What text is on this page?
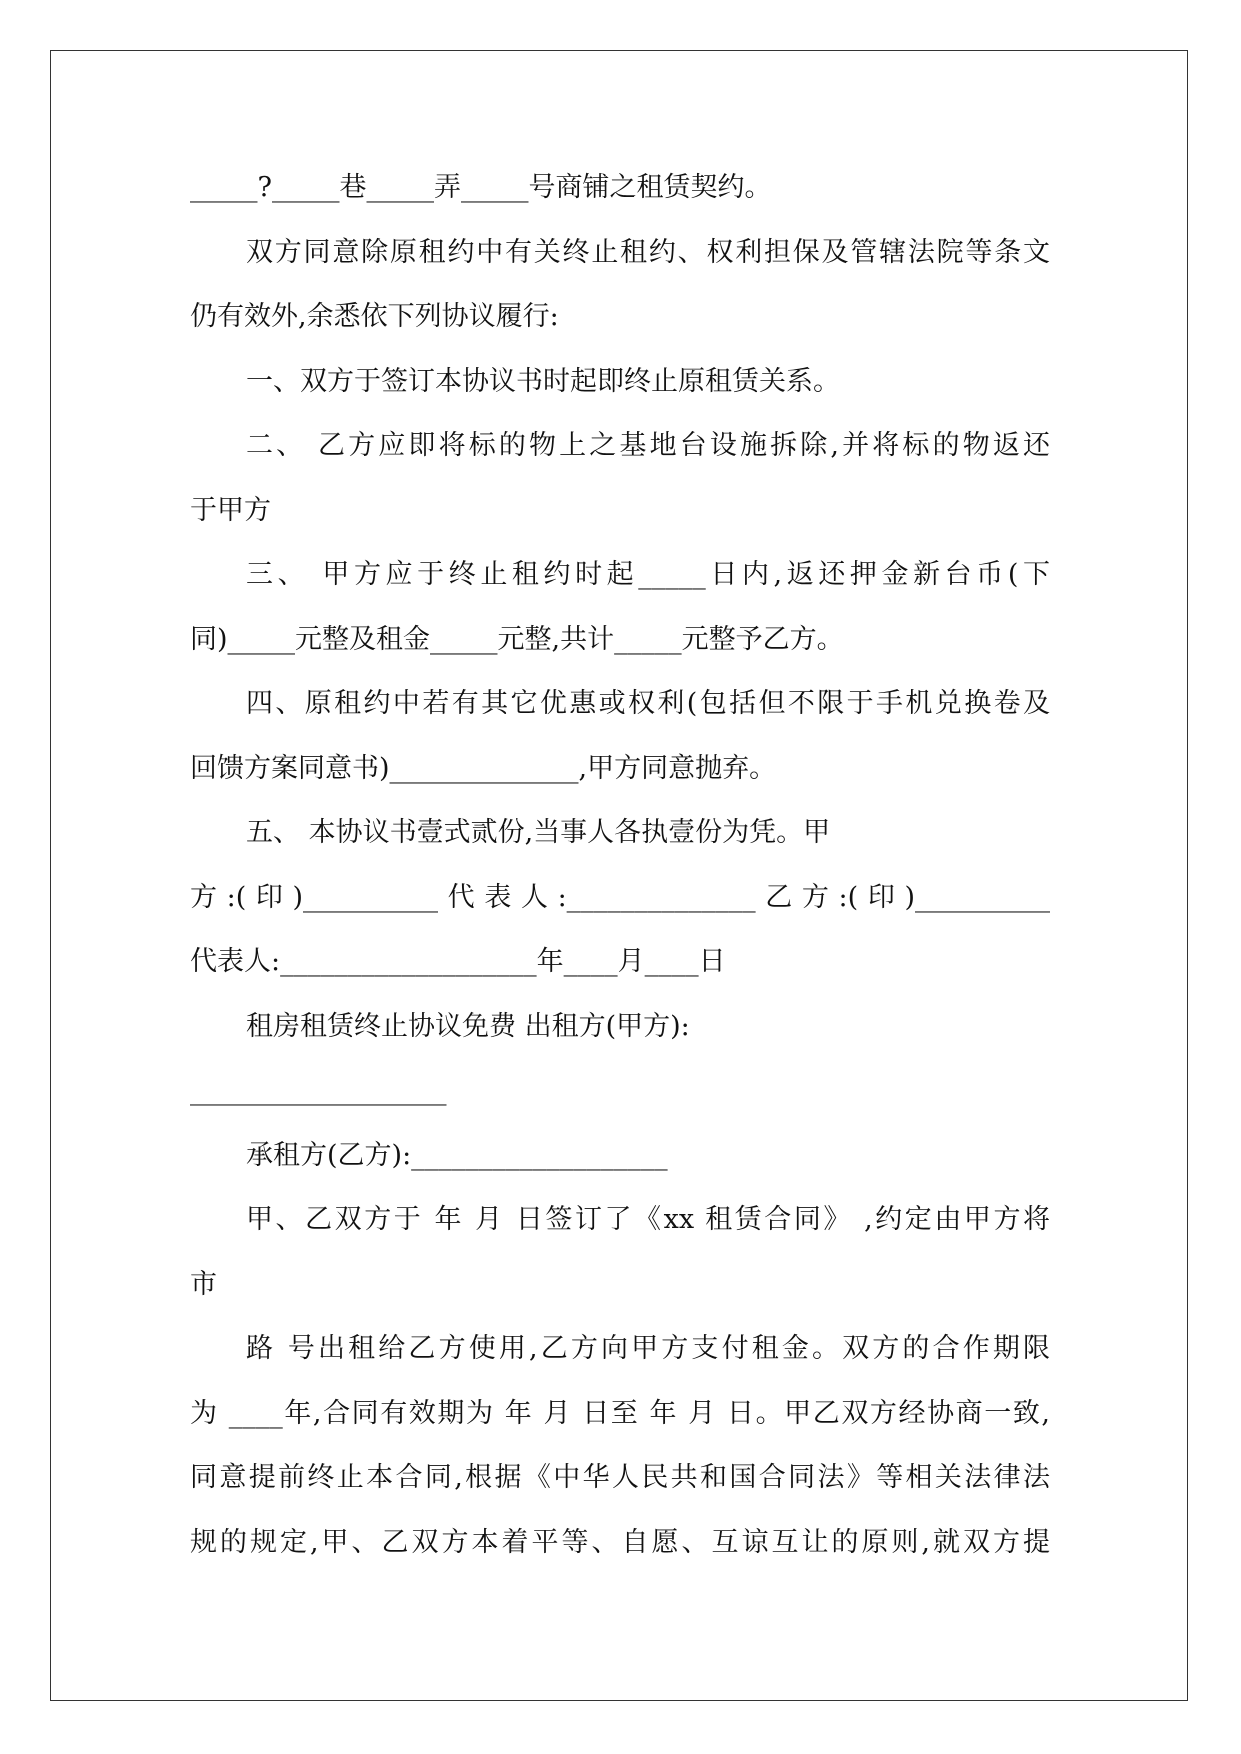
_____?_____巷_____弄_____号商铺之租赁契约。
双方同意除原租约中有关终止租约、权利担保及管辖法院等条文
仍有效外,余悉依下列协议履行:
一、双方于签订本协议书时起即终止原租赁关系。
二、 乙方应即将标的物上之基地台设施拆除,并将标的物返还
于甲方
三、 甲方应于终止租约时起_____日内,返还押金新台币(下
同)_____元整及租金_____元整,共计_____元整予乙方。
四、原租约中若有其它优惠或权利(包括但不限于手机兑换卷及
回馈方案同意书)______________,甲方同意抛弃。
五、 本协议书壹式贰份,当事人各执壹份为凭。甲
方:(印)__________代表人:______________乙方:(印)__________
代表人:___________________年____月____日
租房租赁终止协议免费 出租方(甲方):
___________________
承租方(乙方):___________________
甲、乙双方于 年 月 日签订了《xx 租赁合同》 ,约定由甲方将
市
路 号出租给乙方使用,乙方向甲方支付租金。双方的合作期限
为 ____年,合同有效期为 年 月 日至 年 月 日。甲乙双方经协商一致,
同意提前终止本合同,根据《中华人民共和国合同法》等相关法律法
规的规定,甲、乙双方本着平等、自愿、互谅互让的原则,就双方提
